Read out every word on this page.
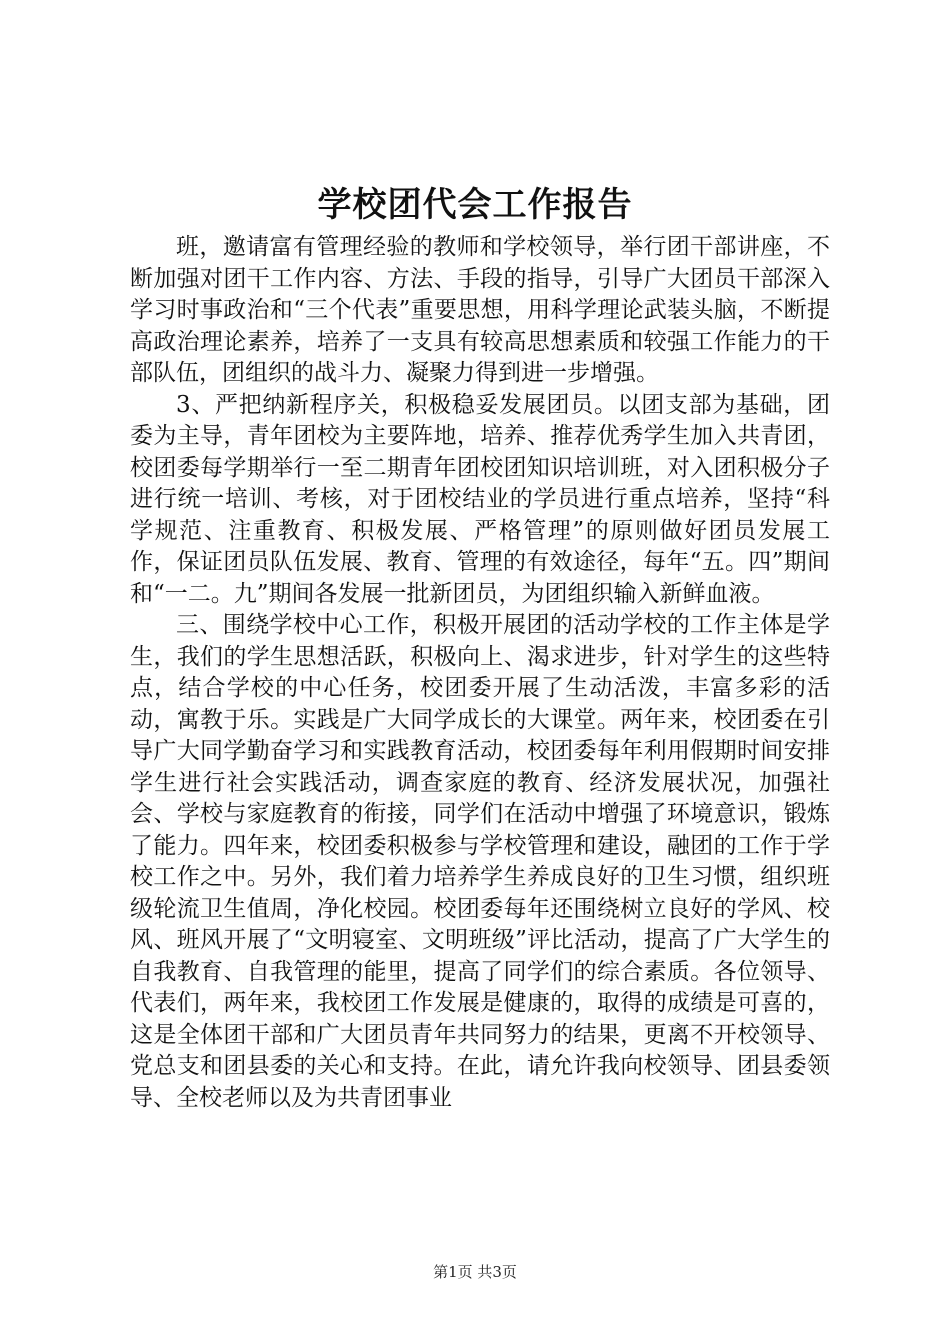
学校团代会工作报告

班，邀请富有管理经验的教师和学校领导，举行团干部讲座，不断加强对团干工作内容、方法、手段的指导，引导广大团员干部深入学习时事政治和“三个代表”重要思想，用科学理论武装头脑，不断提高政治理论素养，培养了一支具有较高思想素质和较强工作能力的干部队伍，团组织的战斗力、凝聚力得到进一步增强。

3、严把纳新程序关，积极稳妥发展团员。以团支部为基础，团委为主导，青年团校为主要阵地，培养、推荐优秀学生加入共青团，校团委每学期举行一至二期青年团校团知识培训班，对入团积极分子进行统一培训、考核，对于团校结业的学员进行重点培养，坚持“科学规范、注重教育、积极发展、严格管理”的原则做好团员发展工作，保证团员队伍发展、教育、管理的有效途径，每年“五。四”期间和“一二。九”期间各发展一批新团员，为团组织输入新鲜血液。

三、围绕学校中心工作，积极开展团的活动学校的工作主体是学生，我们的学生思想活跃，积极向上、渴求进步，针对学生的这些特点，结合学校的中心任务，校团委开展了生动活泼，丰富多彩的活动，寓教于乐。实践是广大同学成长的大课堂。两年来，校团委在引导广大同学勤奋学习和实践教育活动，校团委每年利用假期时间安排学生进行社会实践活动，调查家庭的教育、经济发展状况，加强社会、学校与家庭教育的衔接，同学们在活动中增强了环境意识，锻炼了能力。四年来，校团委积极参与学校管理和建设，融团的工作于学校工作之中。另外，我们着力培养学生养成良好的卫生习惯，组织班级轮流卫生值周，净化校园。校团委每年还围绕树立良好的学风、校风、班风开展了“文明寝室、文明班级”评比活动，提高了广大学生的自我教育、自我管理的能里，提高了同学们的综合素质。各位领导、代表们，两年来，我校团工作发展是健康的，取得的成绩是可喜的，这是全体团干部和广大团员青年共同努力的结果，更离不开校领导、党总支和团县委的关心和支持。在此，请允许我向校领导、团县委领导、全校老师以及为共青团事业

第1页 共3页
